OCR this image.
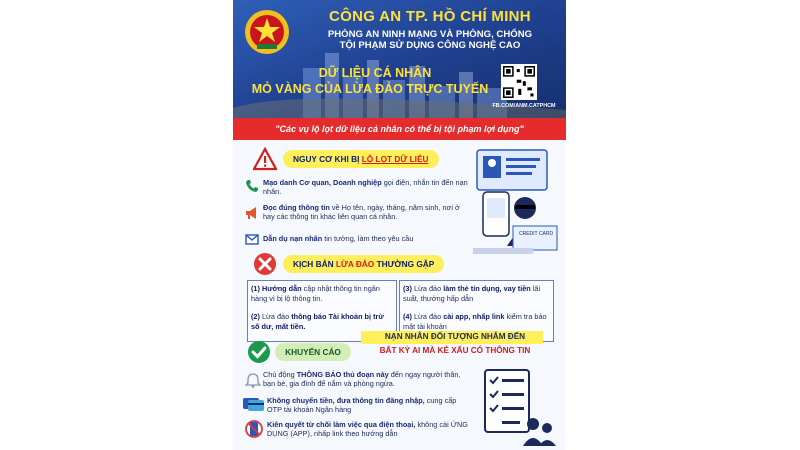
CÔNG AN TP. HỒ CHÍ MINH
PHÒNG AN NINH MẠNG VÀ PHÒNG, CHỐNG
TỘI PHẠM SỬ DỤNG CÔNG NGHỆ CAO
DỮ LIỆU CÁ NHÂN
MỎ VÀNG CỦA LỪA ĐẢO TRỰC TUYẾN
FB.COM/ANM.CATPHCM
"Các vụ lộ lọt dữ liệu cá nhân có thể bị tội phạm lợi dụng"
NGUY CƠ KHI BỊ LỘ LỌT DỮ LIỆU
Mạo danh Cơ quan, Doanh nghiệp gọi điện, nhắn tin đến nạn nhân.
Đọc đúng thông tin về Họ tên, ngày, tháng, năm sinh, nơi ở hay các thông tin khác liên quan cá nhân.
Dẫn dụ nạn nhân tin tưởng, làm theo yêu cầu	CREDIT CARD
KỊCH BẢN LỪA ĐẢO THƯỜNG GẶP
(1) Hướng dẫn cập nhật thông tin ngân hàng vì bị lộ thông tin.
(3) Lừa đảo làm thẻ tín dụng, vay tiền lãi suất, thưởng hấp dẫn
(2) Lừa đảo thông báo Tài khoản bị trừ số dư, mất tiền.
(4) Lừa đảo cài app, nhấp link kiểm tra bảo mật tài khoản
KHUYẾN CÁO
NẠN NHÂN ĐỐI TƯỢNG NHẮM ĐẾN
BẤT KỲ AI MÀ KẺ XẤU CÓ THÔNG TIN
Chủ động THÔNG BÁO thủ đoạn này đến ngay người thân, bạn bè, gia đình để nắm và phòng ngừa.
Không chuyển tiền, đưa thông tin đăng nhập, cung cấp OTP tài khoản Ngân hàng
Kiên quyết từ chối làm việc qua điện thoại, không cài ỨNG DỤNG (APP), nhấp link theo hướng dẫn
